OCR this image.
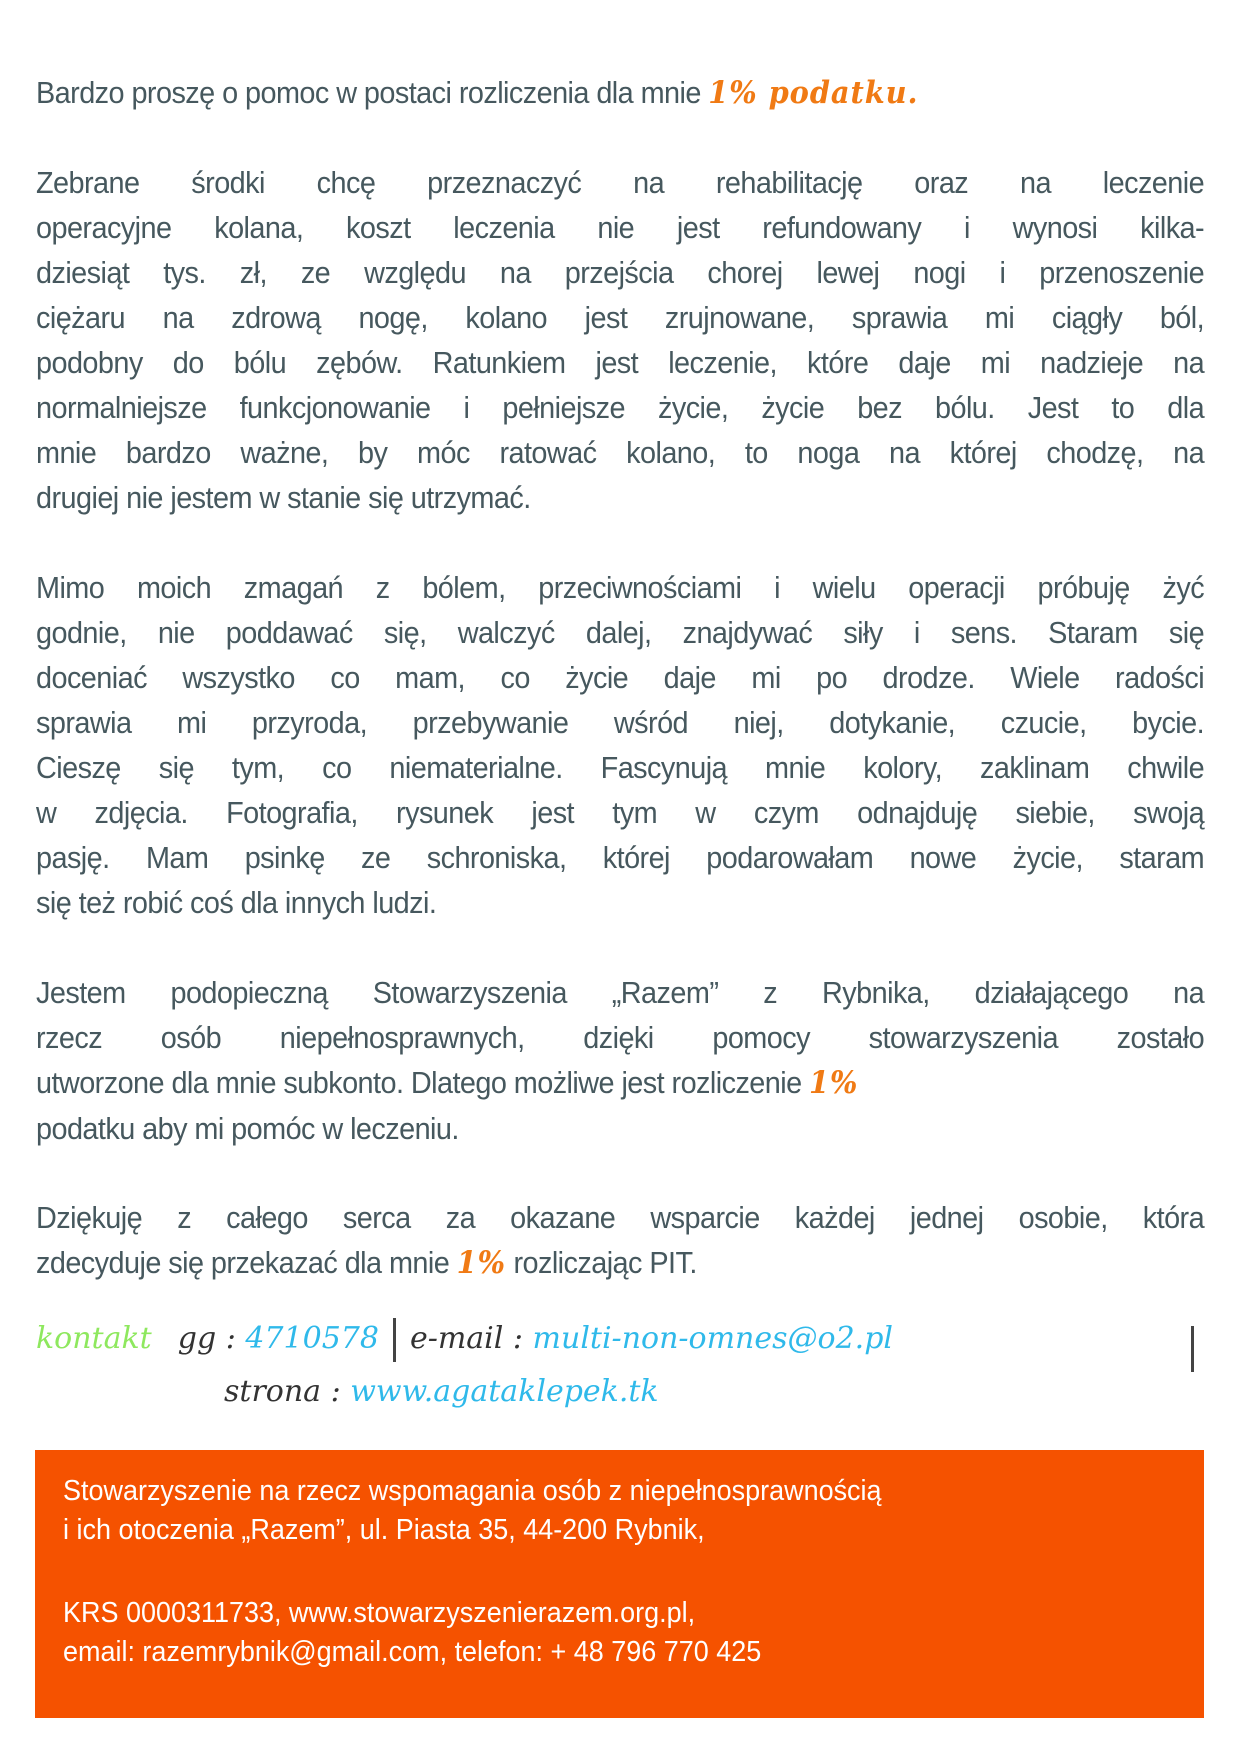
Bardzo proszę o pomoc w postaci rozliczenia dla mnie 1% podatku.

Zebrane środki chcę przeznaczyć na rehabilitację oraz na leczenie
operacyjne kolana, koszt leczenia nie jest refundowany i wynosi kilka-
dziesiąt tys. zł, ze względu na przejścia chorej lewej nogi i przenoszenie
ciężaru na zdrową nogę, kolano jest zrujnowane, sprawia mi ciągły ból,
podobny do bólu zębów. Ratunkiem jest leczenie, które daje mi nadzieje na
normalniejsze funkcjonowanie i pełniejsze życie, życie bez bólu. Jest to dla
mnie bardzo ważne, by móc ratować kolano, to noga na której chodzę, na
drugiej nie jestem w stanie się utrzymać.

Mimo moich zmagań z bólem, przeciwnościami i wielu operacji próbuję żyć
godnie, nie poddawać się, walczyć dalej, znajdywać siły i sens. Staram się
doceniać wszystko co mam, co życie daje mi po drodze. Wiele radości
sprawia mi przyroda, przebywanie wśród niej, dotykanie, czucie, bycie.
Cieszę się tym, co niematerialne. Fascynują mnie kolory, zaklinam chwile
w zdjęcia. Fotografia, rysunek jest tym w czym odnajduję siebie, swoją
pasję. Mam psinkę ze schroniska, której podarowałam nowe życie, staram
się też robić coś dla innych ludzi.

Jestem podopieczną Stowarzyszenia „Razem” z Rybnika, działającego na
rzecz osób niepełnosprawnych, dzięki pomocy stowarzyszenia zostało
utworzone dla mnie subkonto. Dlatego możliwe jest rozliczenie 1%
podatku aby mi pomóc w leczeniu.

Dziękuję z całego serca za okazane wsparcie każdej jednej osobie, która
zdecyduje się przekazać dla mnie 1% rozliczając PIT.

kontakt gg : 4710578 e-mail : multi-non-omnes@o2.pl
strona : www.agataklepek.tk
Stowarzyszenie na rzecz wspomagania osób z niepełnosprawnością
i ich otoczenia „Razem”, ul. Piasta 35, 44-200 Rybnik,
KRS 0000311733, www.stowarzyszenierazem.org.pl,
email: razemrybnik@gmail.com, telefon: + 48 796 770 425
